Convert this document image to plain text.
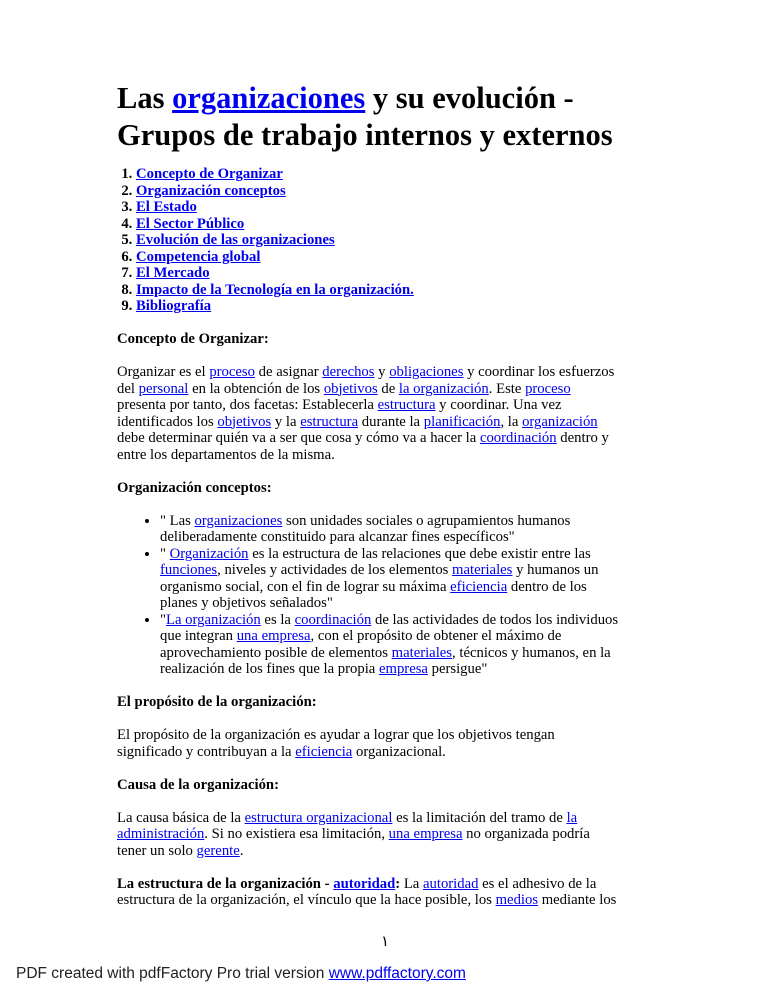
Las organizaciones y su evolución - Grupos de trabajo internos y externos
1. Concepto de Organizar
2. Organización conceptos
3. El Estado
4. El Sector Público
5. Evolución de las organizaciones
6. Competencia global
7. El Mercado
8. Impacto de la Tecnología en la organización.
9. Bibliografía

Concepto de Organizar:

Organizar es el proceso de asignar derechos y obligaciones y coordinar los esfuerzos del personal en la obtención de los objetivos de la organización. Este proceso presenta por tanto, dos facetas: Establecerla estructura y coordinar. Una vez identificados los objetivos y la estructura durante la planificación, la organización debe determinar quién va a ser que cosa y cómo va a hacer la coordinación dentro y entre los departamentos de la misma.

Organización conceptos:

• " Las organizaciones son unidades sociales o agrupamientos humanos deliberadamente constituido para alcanzar fines específicos"
• " Organización es la estructura de las relaciones que debe existir entre las funciones, niveles y actividades de los elementos materiales y humanos un organismo social, con el fin de lograr su máxima eficiencia dentro de los planes y objetivos señalados"
• "La organización es la coordinación de las actividades de todos los individuos que integran una empresa, con el propósito de obtener el máximo de aprovechamiento posible de elementos materiales, técnicos y humanos, en la realización de los fines que la propia empresa persigue"

El propósito de la organización:

El propósito de la organización es ayudar a lograr que los objetivos tengan significado y contribuyan a la eficiencia organizacional.

Causa de la organización:

La causa básica de la estructura organizacional es la limitación del tramo de la administración. Si no existiera esa limitación, una empresa no organizada podría tener un solo gerente.

La estructura de la organización - autoridad: La autoridad es el adhesivo de la estructura de la organización, el vínculo que la hace posible, los medios mediante los

١
PDF created with pdfFactory Pro trial version www.pdffactory.com
